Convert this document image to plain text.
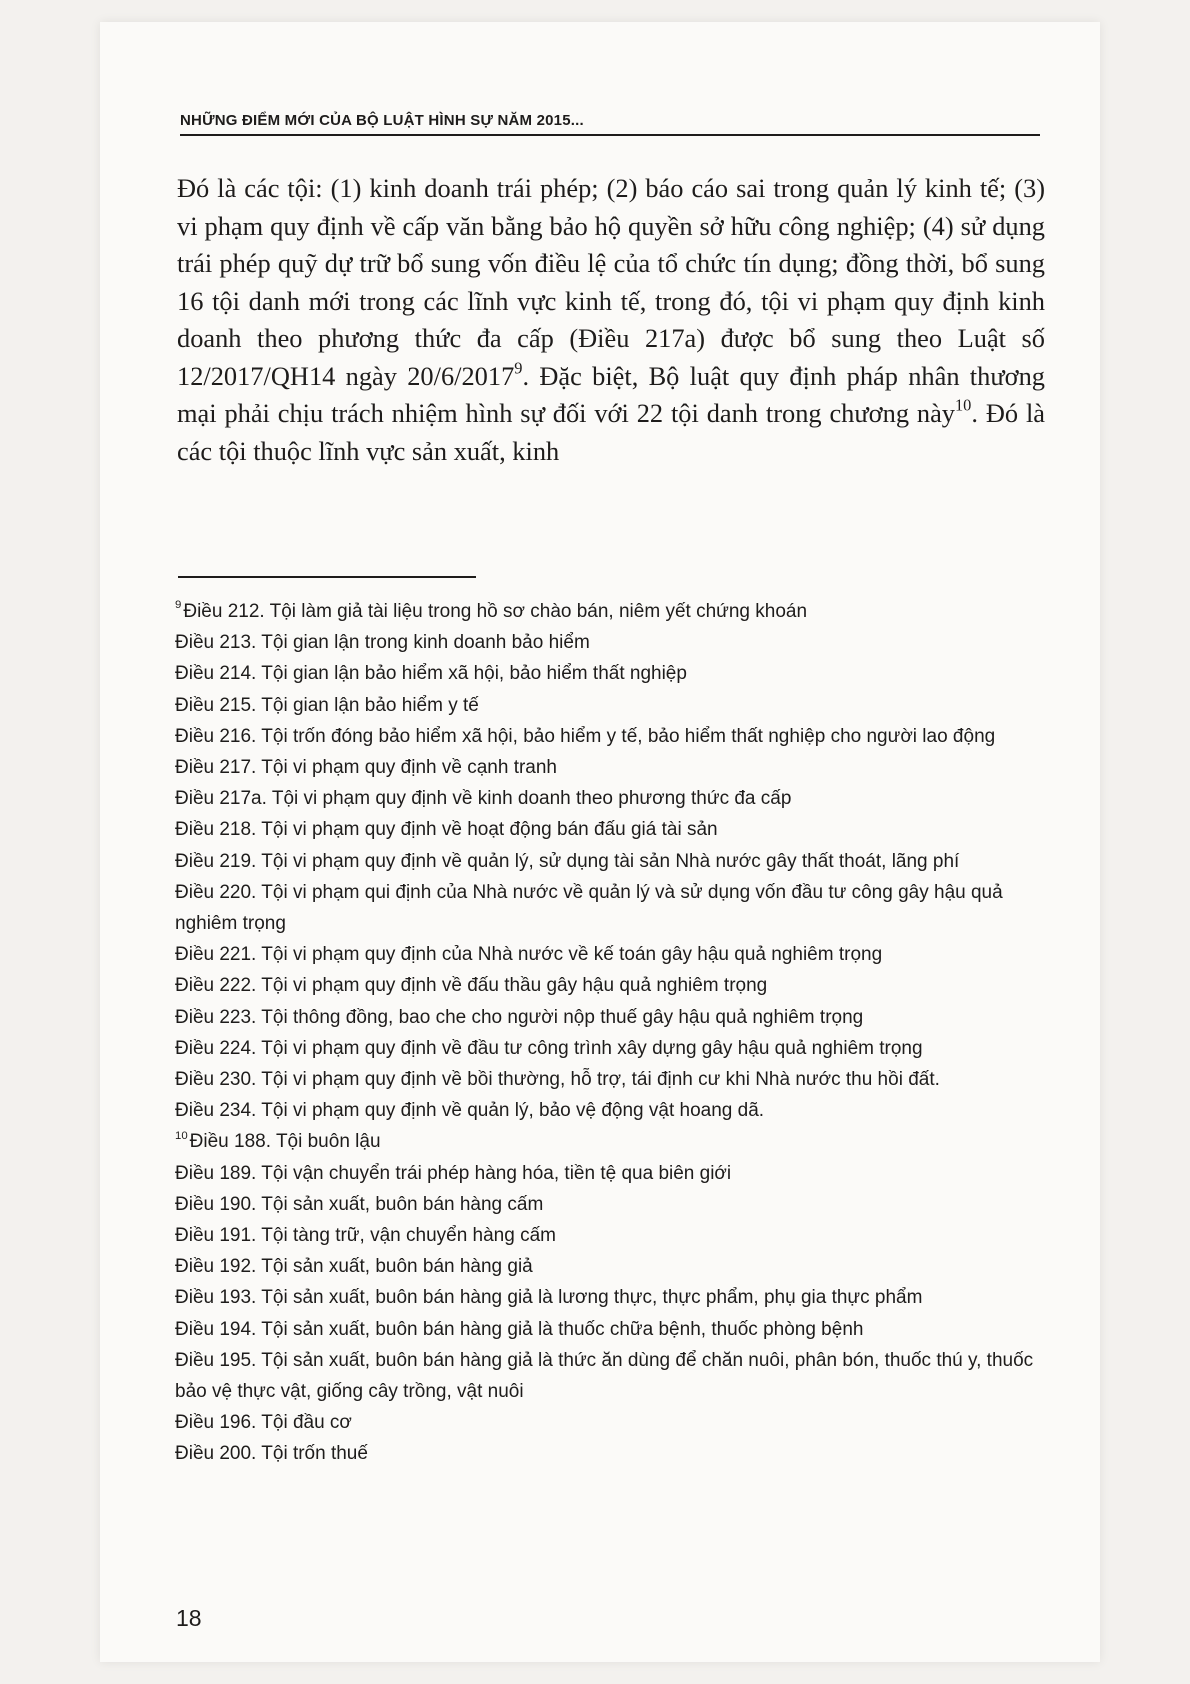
NHỮNG ĐIỂM MỚI CỦA BỘ LUẬT HÌNH SỰ NĂM 2015...

Đó là các tội: (1) kinh doanh trái phép; (2) báo cáo sai trong quản lý kinh tế; (3) vi phạm quy định về cấp văn bằng bảo hộ quyền sở hữu công nghiệp; (4) sử dụng trái phép quỹ dự trữ bổ sung vốn điều lệ của tổ chức tín dụng; đồng thời, bổ sung 16 tội danh mới trong các lĩnh vực kinh tế, trong đó, tội vi phạm quy định kinh doanh theo phương thức đa cấp (Điều 217a) được bổ sung theo Luật số 12/2017/QH14 ngày 20/6/2017$^9$. Đặc biệt, Bộ luật quy định pháp nhân thương mại phải chịu trách nhiệm hình sự đối với 22 tội danh trong chương này$^{10}$. Đó là các tội thuộc lĩnh vực sản xuất, kinh

$^9$ Điều 212. Tội làm giả tài liệu trong hồ sơ chào bán, niêm yết chứng khoán
Điều 213. Tội gian lận trong kinh doanh bảo hiểm
Điều 214. Tội gian lận bảo hiểm xã hội, bảo hiểm thất nghiệp
Điều 215. Tội gian lận bảo hiểm y tế
Điều 216. Tội trốn đóng bảo hiểm xã hội, bảo hiểm y tế, bảo hiểm thất nghiệp cho người lao động
Điều 217. Tội vi phạm quy định về cạnh tranh
Điều 217a. Tội vi phạm quy định về kinh doanh theo phương thức đa cấp
Điều 218. Tội vi phạm quy định về hoạt động bán đấu giá tài sản
Điều 219. Tội vi phạm quy định về quản lý, sử dụng tài sản Nhà nước gây thất thoát, lãng phí
Điều 220. Tội vi phạm qui định của Nhà nước về quản lý và sử dụng vốn đầu tư công gây hậu quả nghiêm trọng
Điều 221. Tội vi phạm quy định của Nhà nước về kế toán gây hậu quả nghiêm trọng
Điều 222. Tội vi phạm quy định về đấu thầu gây hậu quả nghiêm trọng
Điều 223. Tội thông đồng, bao che cho người nộp thuế gây hậu quả nghiêm trọng
Điều 224. Tội vi phạm quy định về đầu tư công trình xây dựng gây hậu quả nghiêm trọng
Điều 230. Tội vi phạm quy định về bồi thường, hỗ trợ, tái định cư khi Nhà nước thu hồi đất.
Điều 234. Tội vi phạm quy định về quản lý, bảo vệ động vật hoang dã.
$^{10}$ Điều 188. Tội buôn lậu
Điều 189. Tội vận chuyển trái phép hàng hóa, tiền tệ qua biên giới
Điều 190. Tội sản xuất, buôn bán hàng cấm
Điều 191. Tội tàng trữ, vận chuyển hàng cấm
Điều 192. Tội sản xuất, buôn bán hàng giả
Điều 193. Tội sản xuất, buôn bán hàng giả là lương thực, thực phẩm, phụ gia thực phẩm
Điều 194. Tội sản xuất, buôn bán hàng giả là thuốc chữa bệnh, thuốc phòng bệnh
Điều 195. Tội sản xuất, buôn bán hàng giả là thức ăn dùng để chăn nuôi, phân bón, thuốc thú y, thuốc bảo vệ thực vật, giống cây trồng, vật nuôi
Điều 196. Tội đầu cơ
Điều 200. Tội trốn thuế
18
